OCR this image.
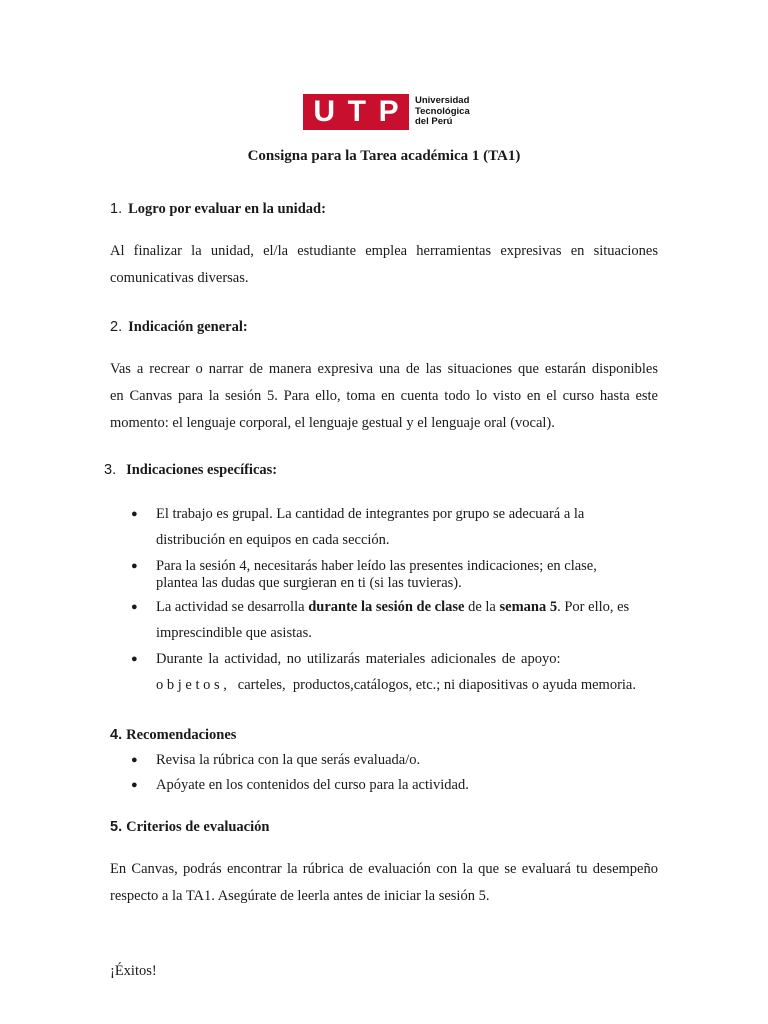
U T P Universidad
Tecnológica
del Perú
Consigna para la Tarea académica 1 (TA1)
1. Logro por evaluar en la unidad:
Al finalizar la unidad, el/la estudiante emplea herramientas expresivas en situaciones
comunicativas diversas.
2. Indicación general:
Vas a recrear o narrar de manera expresiva una de las situaciones que estarán disponibles
en Canvas para la sesión 5. Para ello, toma en cuenta todo lo visto en el curso hasta este
momento: el lenguaje corporal, el lenguaje gestual y el lenguaje oral (vocal).
3. Indicaciones específicas:
● El trabajo es grupal. La cantidad de integrantes por grupo se adecuará a la
distribución en equipos en cada sección.
● Para la sesión 4, necesitarás haber leído las presentes indicaciones; en clase,
plantea las dudas que surgieran en ti (si las tuvieras).
● La actividad se desarrolla durante la sesión de clase de la semana 5. Por ello, es
imprescindible que asistas.
● Durante la actividad, no utilizarás materiales adicionales de apoyo:
o b j e t o s ,   carteles,  productos,catálogos, etc.; ni diapositivas o ayuda memoria.
4. Recomendaciones
● Revisa la rúbrica con la que serás evaluada/o.
● Apóyate en los contenidos del curso para la actividad.
5. Criterios de evaluación
En Canvas, podrás encontrar la rúbrica de evaluación con la que se evaluará tu desempeño
respecto a la TA1. Asegúrate de leerla antes de iniciar la sesión 5.
¡Éxitos!
